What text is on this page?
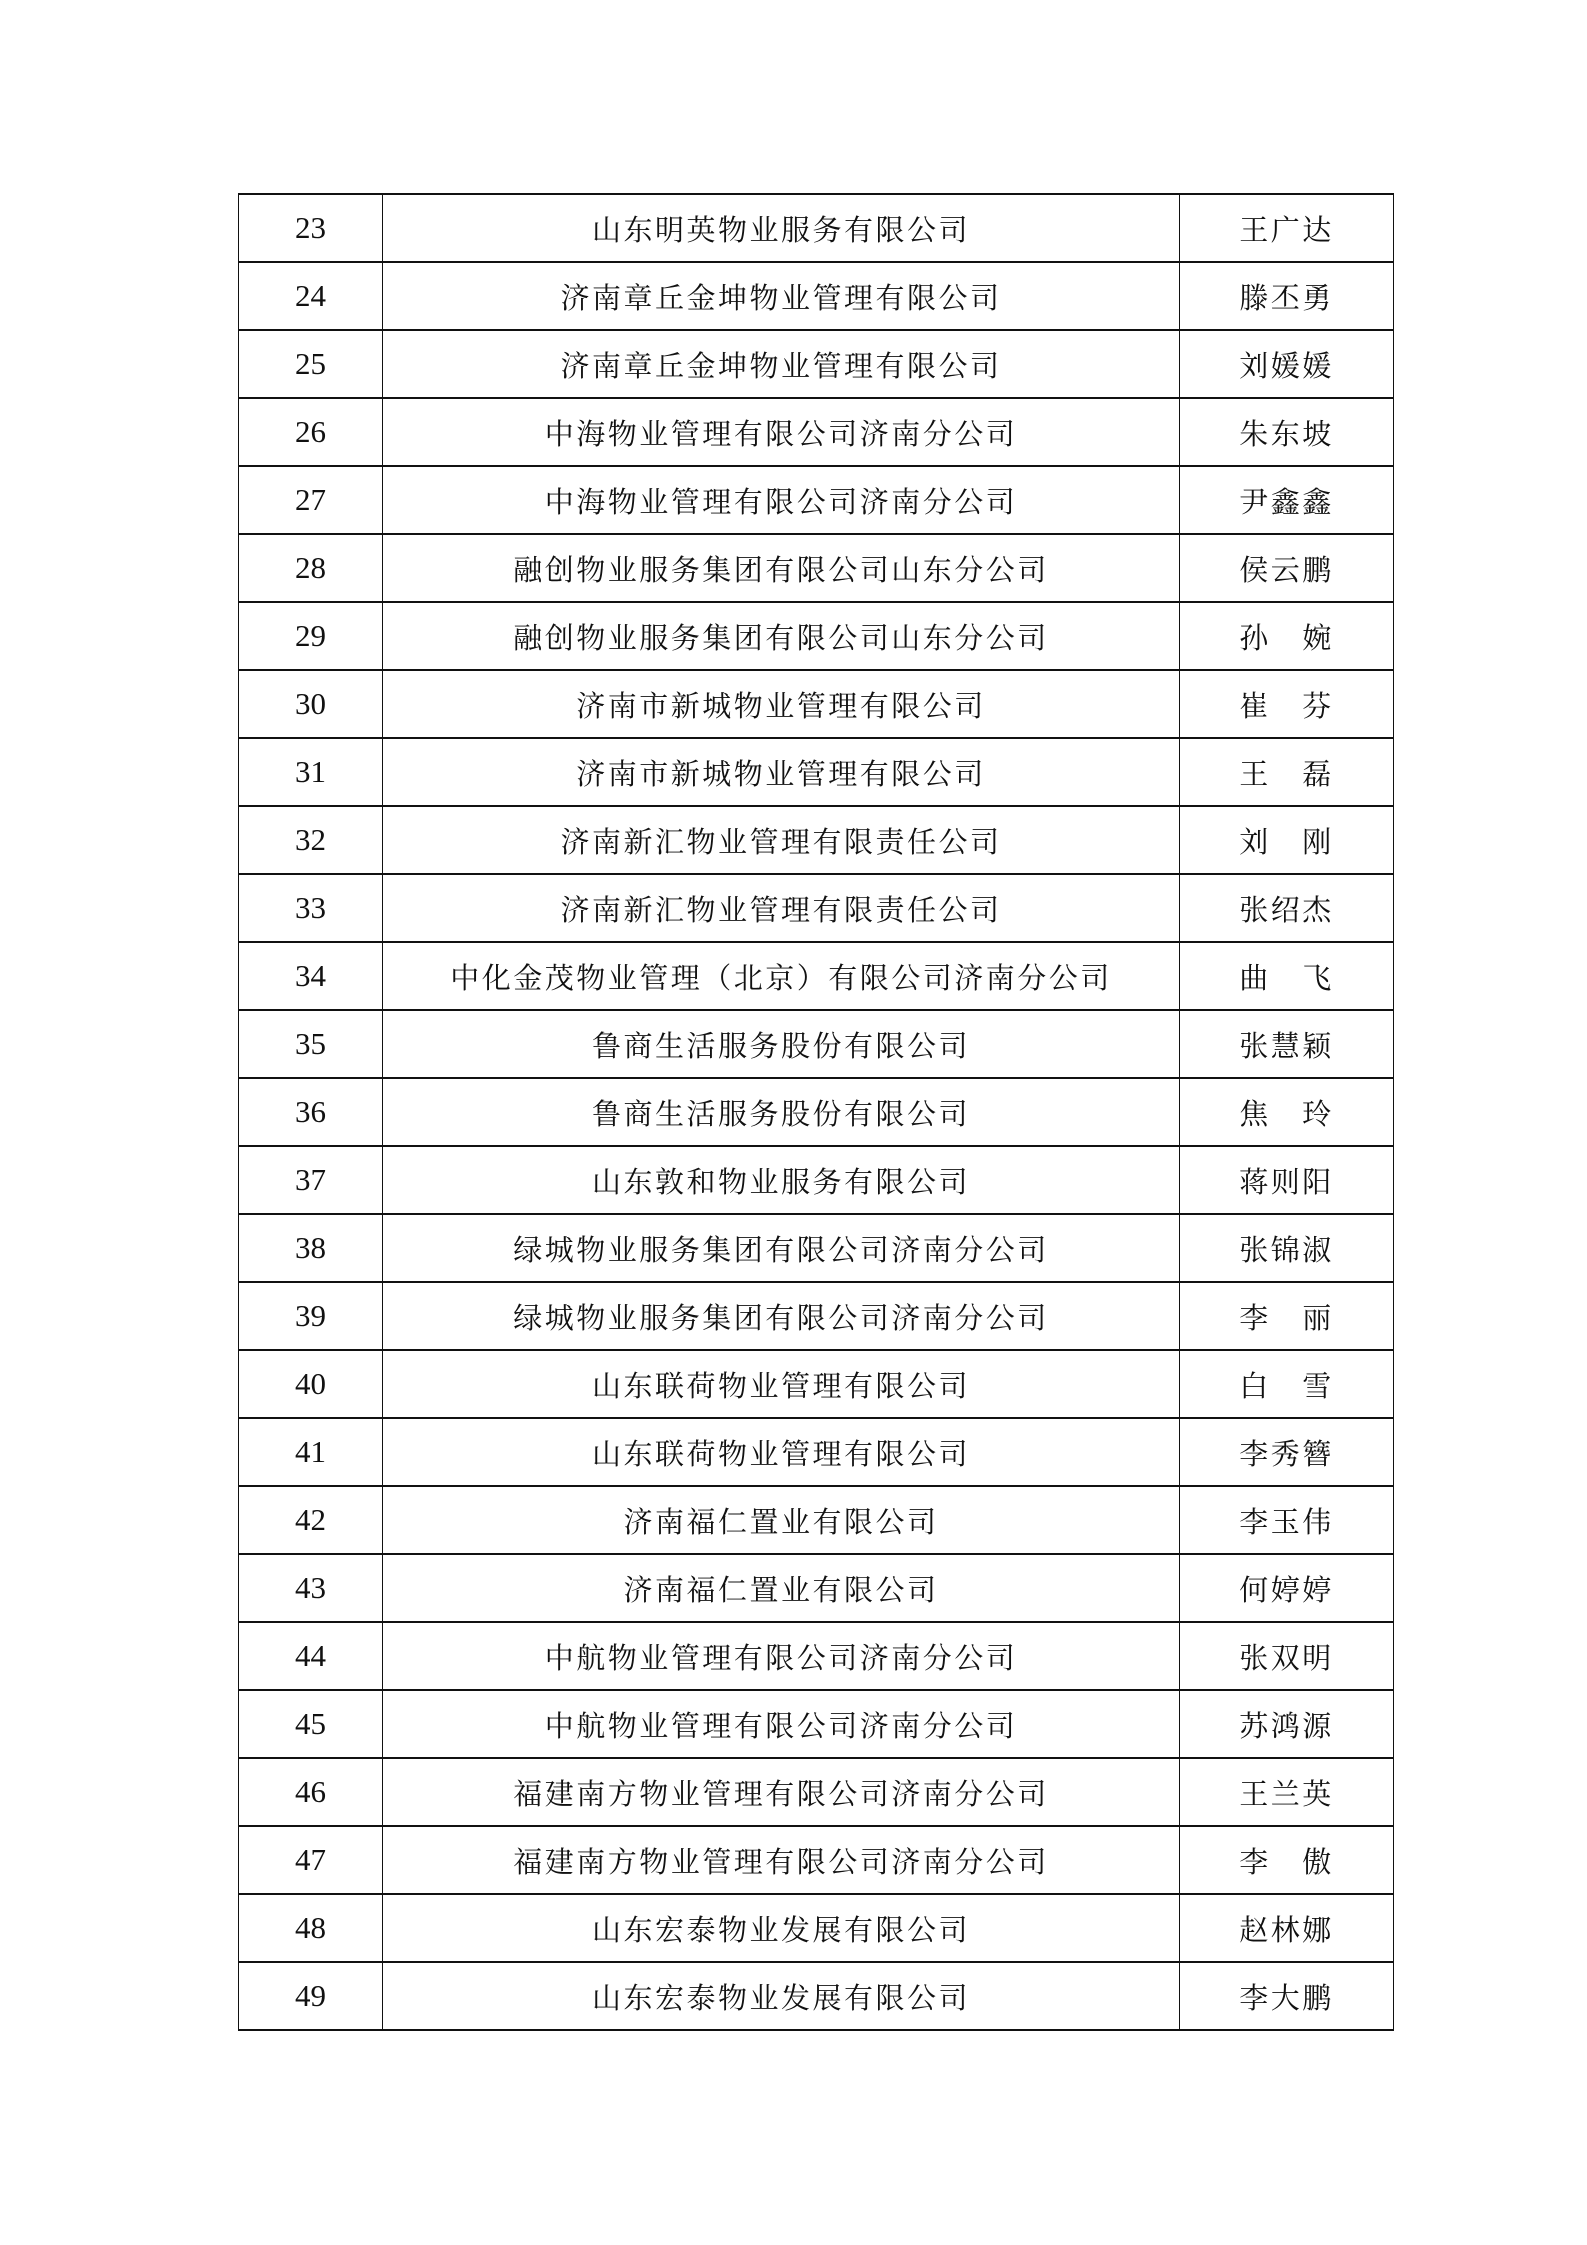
23	山东明英物业服务有限公司	王广达
24	济南章丘金坤物业管理有限公司	滕丕勇
25	济南章丘金坤物业管理有限公司	刘媛媛
26	中海物业管理有限公司济南分公司	朱东坡
27	中海物业管理有限公司济南分公司	尹鑫鑫
28	融创物业服务集团有限公司山东分公司	侯云鹏
29	融创物业服务集团有限公司山东分公司	孙　婉
30	济南市新城物业管理有限公司	崔　芬
31	济南市新城物业管理有限公司	王　磊
32	济南新汇物业管理有限责任公司	刘　刚
33	济南新汇物业管理有限责任公司	张绍杰
34	中化金茂物业管理（北京）有限公司济南分公司	曲　飞
35	鲁商生活服务股份有限公司	张慧颖
36	鲁商生活服务股份有限公司	焦　玲
37	山东敦和物业服务有限公司	蒋则阳
38	绿城物业服务集团有限公司济南分公司	张锦淑
39	绿城物业服务集团有限公司济南分公司	李　丽
40	山东联荷物业管理有限公司	白　雪
41	山东联荷物业管理有限公司	李秀簪
42	济南福仁置业有限公司	李玉伟
43	济南福仁置业有限公司	何婷婷
44	中航物业管理有限公司济南分公司	张双明
45	中航物业管理有限公司济南分公司	苏鸿源
46	福建南方物业管理有限公司济南分公司	王兰英
47	福建南方物业管理有限公司济南分公司	李　傲
48	山东宏泰物业发展有限公司	赵林娜
49	山东宏泰物业发展有限公司	李大鹏
